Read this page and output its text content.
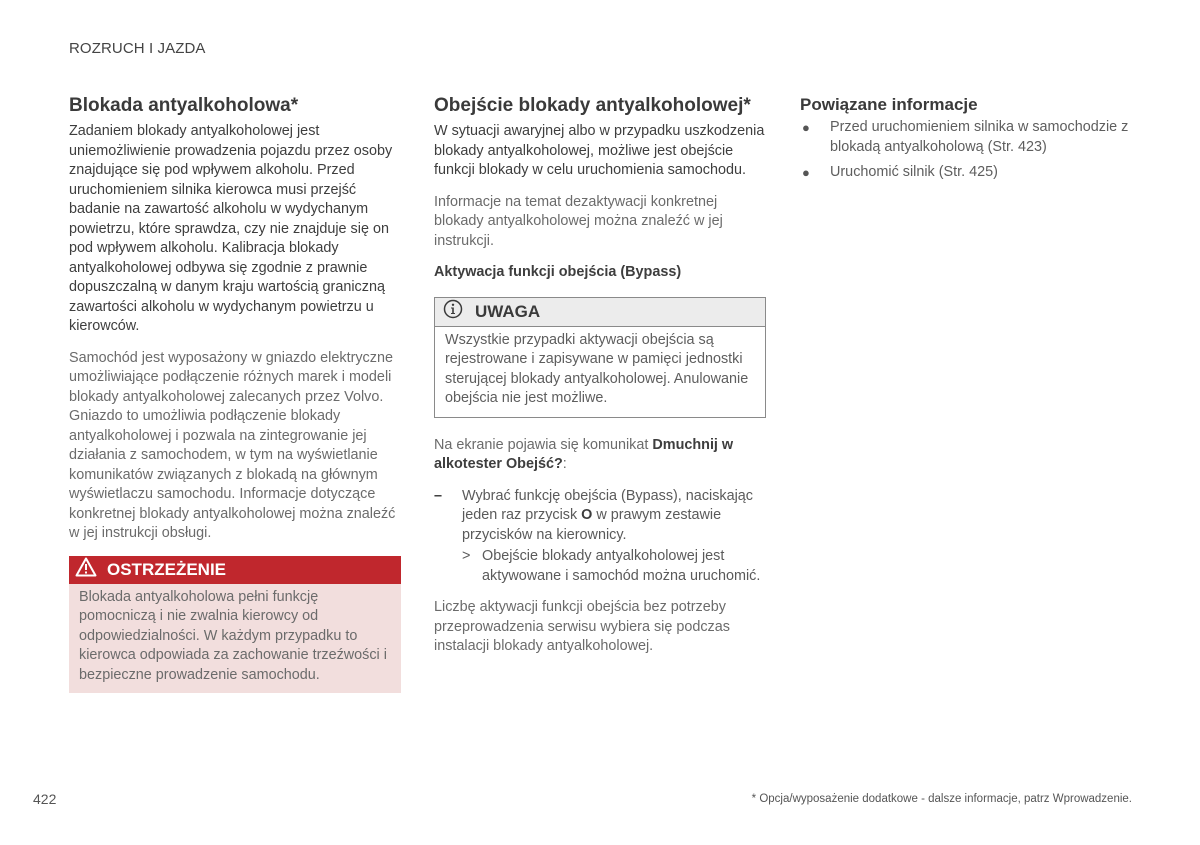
ROZRUCH I JAZDA
Blokada antyalkoholowa*

Zadaniem blokady antyalkoholowej jest uniemożliwienie prowadzenia pojazdu przez osoby znajdujące się pod wpływem alkoholu. Przed uruchomieniem silnika kierowca musi przejść badanie na zawartość alkoholu w wydychanym powietrzu, które sprawdza, czy nie znajduje się on pod wpływem alkoholu. Kalibracja blokady antyalkoholowej odbywa się zgodnie z prawnie dopuszczalną w danym kraju wartością graniczną zawartości alkoholu w wydychanym powietrzu u kierowców.

Samochód jest wyposażony w gniazdo elektryczne umożliwiające podłączenie różnych marek i modeli blokady antyalkoholowej zalecanych przez Volvo. Gniazdo to umożliwia podłączenie blokady antyalkoholowej i pozwala na zintegrowanie jej działania z samochodem, w tym na wyświetlanie komunikatów związanych z blokadą na głównym wyświetlaczu samochodu. Informacje dotyczące konkretnej blokady antyalkoholowej można znaleźć w jej instrukcji obsługi.

OSTRZEŻENIE
Blokada antyalkoholowa pełni funkcję pomocniczą i nie zwalnia kierowcy od odpowiedzialności. W każdym przypadku to kierowca odpowiada za zachowanie trzeźwości i bezpieczne prowadzenie samochodu.
Obejście blokady antyalkoholowej*

W sytuacji awaryjnej albo w przypadku uszkodzenia blokady antyalkoholowej, możliwe jest obejście funkcji blokady w celu uruchomienia samochodu.

Informacje na temat dezaktywacji konkretnej blokady antyalkoholowej można znaleźć w jej instrukcji.

Aktywacja funkcji obejścia (Bypass)
UWAGA
Wszystkie przypadki aktywacji obejścia są rejestrowane i zapisywane w pamięci jednostki sterującej blokady antyalkoholowej. Anulowanie obejścia nie jest możliwe.

Na ekranie pojawia się komunikat Dmuchnij w alkotester Obejść?:

–	Wybrać funkcję obejścia (Bypass), naciskając jeden raz przycisk O w prawym zestawie przycisków na kierownicy.
> Obejście blokady antyalkoholowej jest aktywowane i samochód można uruchomić.

Liczbę aktywacji funkcji obejścia bez potrzeby przeprowadzenia serwisu wybiera się podczas instalacji blokady antyalkoholowej.

Powiązane informacje
●	Przed uruchomieniem silnika w samochodzie z blokadą antyalkoholową (Str. 423)
●	Uruchomić silnik (Str. 425)
422	* Opcja/wyposażenie dodatkowe - dalsze informacje, patrz Wprowadzenie.
